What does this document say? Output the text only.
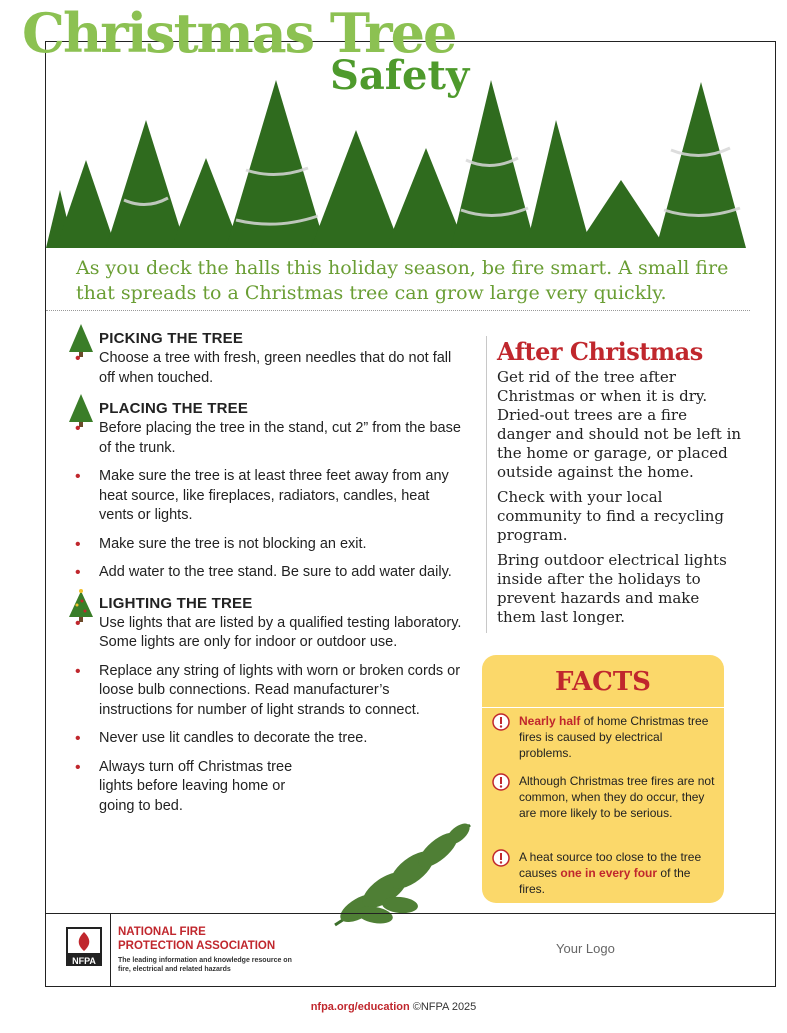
Christmas Tree
Safety
As you deck the halls this holiday season, be fire smart. A small fire that spreads to a Christmas tree can grow large very quickly.
PICKING THE TREE
• Choose a tree with fresh, green needles that do not fall off when touched.
PLACING THE TREE
• Before placing the tree in the stand, cut 2” from the base of the trunk.
• Make sure the tree is at least three feet away from any heat source, like fireplaces, radiators, candles, heat vents or lights.
• Make sure the tree is not blocking an exit.
• Add water to the tree stand. Be sure to add water daily.
LIGHTING THE TREE
• Use lights that are listed by a qualified testing laboratory. Some lights are only for indoor or outdoor use.
• Replace any string of lights with worn or broken cords or loose bulb connections. Read manufacturer’s instructions for number of light strands to connect.
• Never use lit candles to decorate the tree.
• Always turn off Christmas tree lights before leaving home or going to bed.
After Christmas

Get rid of the tree after Christmas or when it is dry. Dried-out trees are a fire danger and should not be left in the home or garage, or placed outside against the home.

Check with your local community to find a recycling program.

Bring outdoor electrical lights inside after the holidays to prevent hazards and make them last longer.

FACTS
Nearly half of home Christmas tree fires is caused by electrical problems.
Although Christmas tree fires are not common, when they do occur, they are more likely to be serious.
A heat source too close to the tree causes one in every four of the fires.
NFPA
NATIONAL FIRE
PROTECTION ASSOCIATION
The leading information and knowledge resource on fire, electrical and related hazards
Your Logo
nfpa.org/education ©NFPA 2025
